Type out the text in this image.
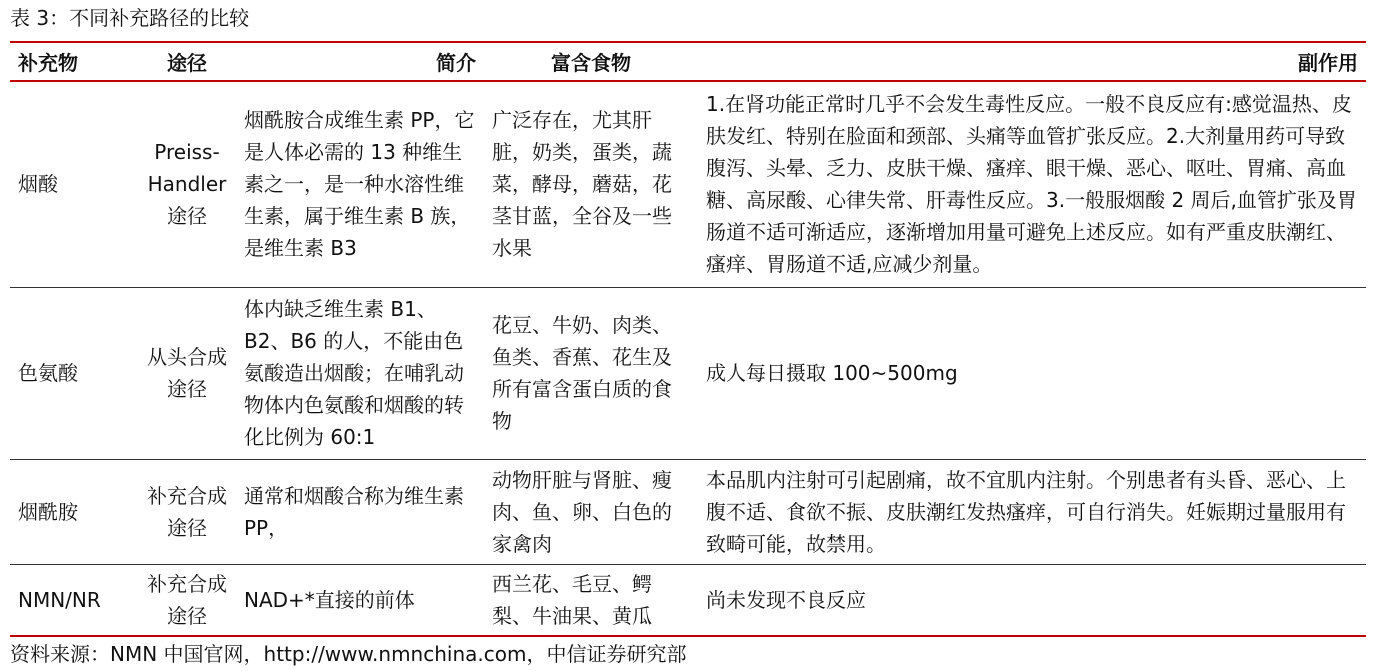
表 3：不同补充路径的比较
补充物	途径	简介	富含食物	副作用
烟酸	Preiss-Handler途径	烟酰胺合成维生素 PP，它是人体必需的 13 种维生素之一，是一种水溶性维生素，属于维生素 B 族，是维生素 B3	广泛存在，尤其肝脏，奶类，蛋类，蔬菜，酵母，蘑菇，花茎甘蓝，全谷及一些水果	1.在肾功能正常时几乎不会发生毒性反应。一般不良反应有:感觉温热、皮肤发红、特别在脸面和颈部、头痛等血管扩张反应。2.大剂量用药可导致腹泻、头晕、乏力、皮肤干燥、瘙痒、眼干燥、恶心、呕吐、胃痛、高血糖、高尿酸、心律失常、肝毒性反应。3.一般服烟酸 2 周后,血管扩张及胃肠道不适可渐适应，逐渐增加用量可避免上述反应。如有严重皮肤潮红、瘙痒、胃肠道不适,应减少剂量。
色氨酸	从头合成途径	体内缺乏维生素 B1、B2、B6 的人，不能由色氨酸造出烟酸；在哺乳动物体内色氨酸和烟酸的转化比例为 60:1	花豆、牛奶、肉类、鱼类、香蕉、花生及所有富含蛋白质的食物	成人每日摄取 100~500mg
烟酰胺	补充合成途径	通常和烟酸合称为维生素 PP，	动物肝脏与肾脏、瘦肉、鱼、卵、白色的家禽肉	本品肌内注射可引起剧痛，故不宜肌内注射。个别患者有头昏、恶心、上腹不适、食欲不振、皮肤潮红发热瘙痒，可自行消失。妊娠期过量服用有致畸可能，故禁用。
NMN/NR	补充合成途径	NAD+*直接的前体	西兰花、毛豆、鳄梨、牛油果、黄瓜	尚未发现不良反应
资料来源：NMN 中国官网，http://www.nmnchina.com，中信证券研究部
